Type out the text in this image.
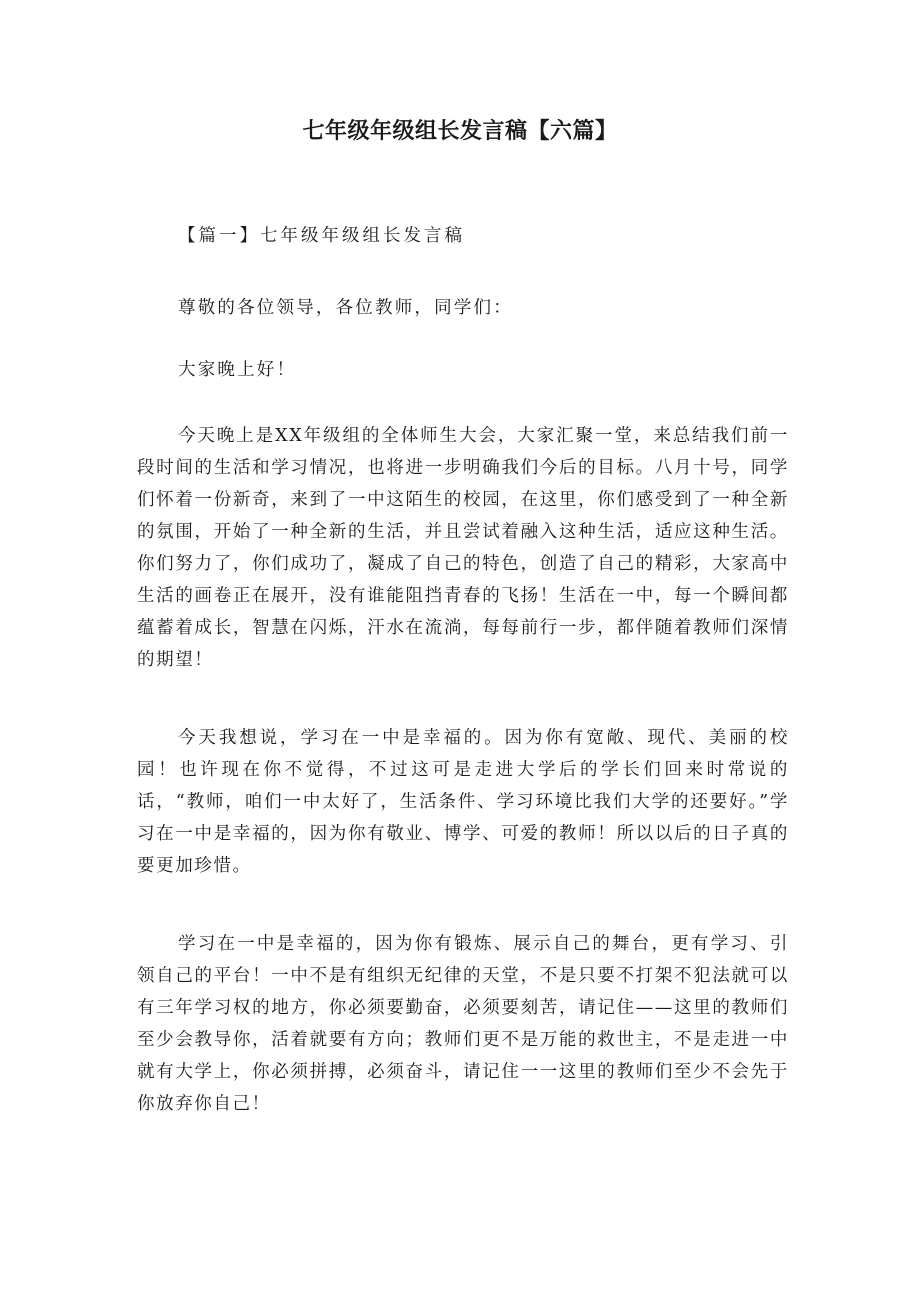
七年级年级组长发言稿【六篇】

【篇一】七年级年级组长发言稿

尊敬的各位领导，各位教师，同学们：

大家晚上好！

今天晚上是XX年级组的全体师生大会，大家汇聚一堂，来总结我们前一段时间的生活和学习情况，也将进一步明确我们今后的目标。八月十号，同学们怀着一份新奇，来到了一中这陌生的校园，在这里，你们感受到了一种全新的氛围，开始了一种全新的生活，并且尝试着融入这种生活，适应这种生活。你们努力了，你们成功了，凝成了自己的特色，创造了自己的精彩，大家高中生活的画卷正在展开，没有谁能阻挡青春的飞扬！生活在一中，每一个瞬间都蕴蓄着成长，智慧在闪烁，汗水在流淌，每每前行一步，都伴随着教师们深情的期望！

今天我想说，学习在一中是幸福的。因为你有宽敞、现代、美丽的校园！也许现在你不觉得，不过这可是走进大学后的学长们回来时常说的话，“教师，咱们一中太好了，生活条件、学习环境比我们大学的还要好。”学习在一中是幸福的，因为你有敬业、博学、可爱的教师！所以以后的日子真的要更加珍惜。

学习在一中是幸福的，因为你有锻炼、展示自己的舞台，更有学习、引领自己的平台！一中不是有组织无纪律的天堂，不是只要不打架不犯法就可以有三年学习权的地方，你必须要勤奋，必须要刻苦，请记住——这里的教师们至少会教导你，活着就要有方向；教师们更不是万能的救世主，不是走进一中就有大学上，你必须拼搏，必须奋斗，请记住一一这里的教师们至少不会先于你放弃你自己！
